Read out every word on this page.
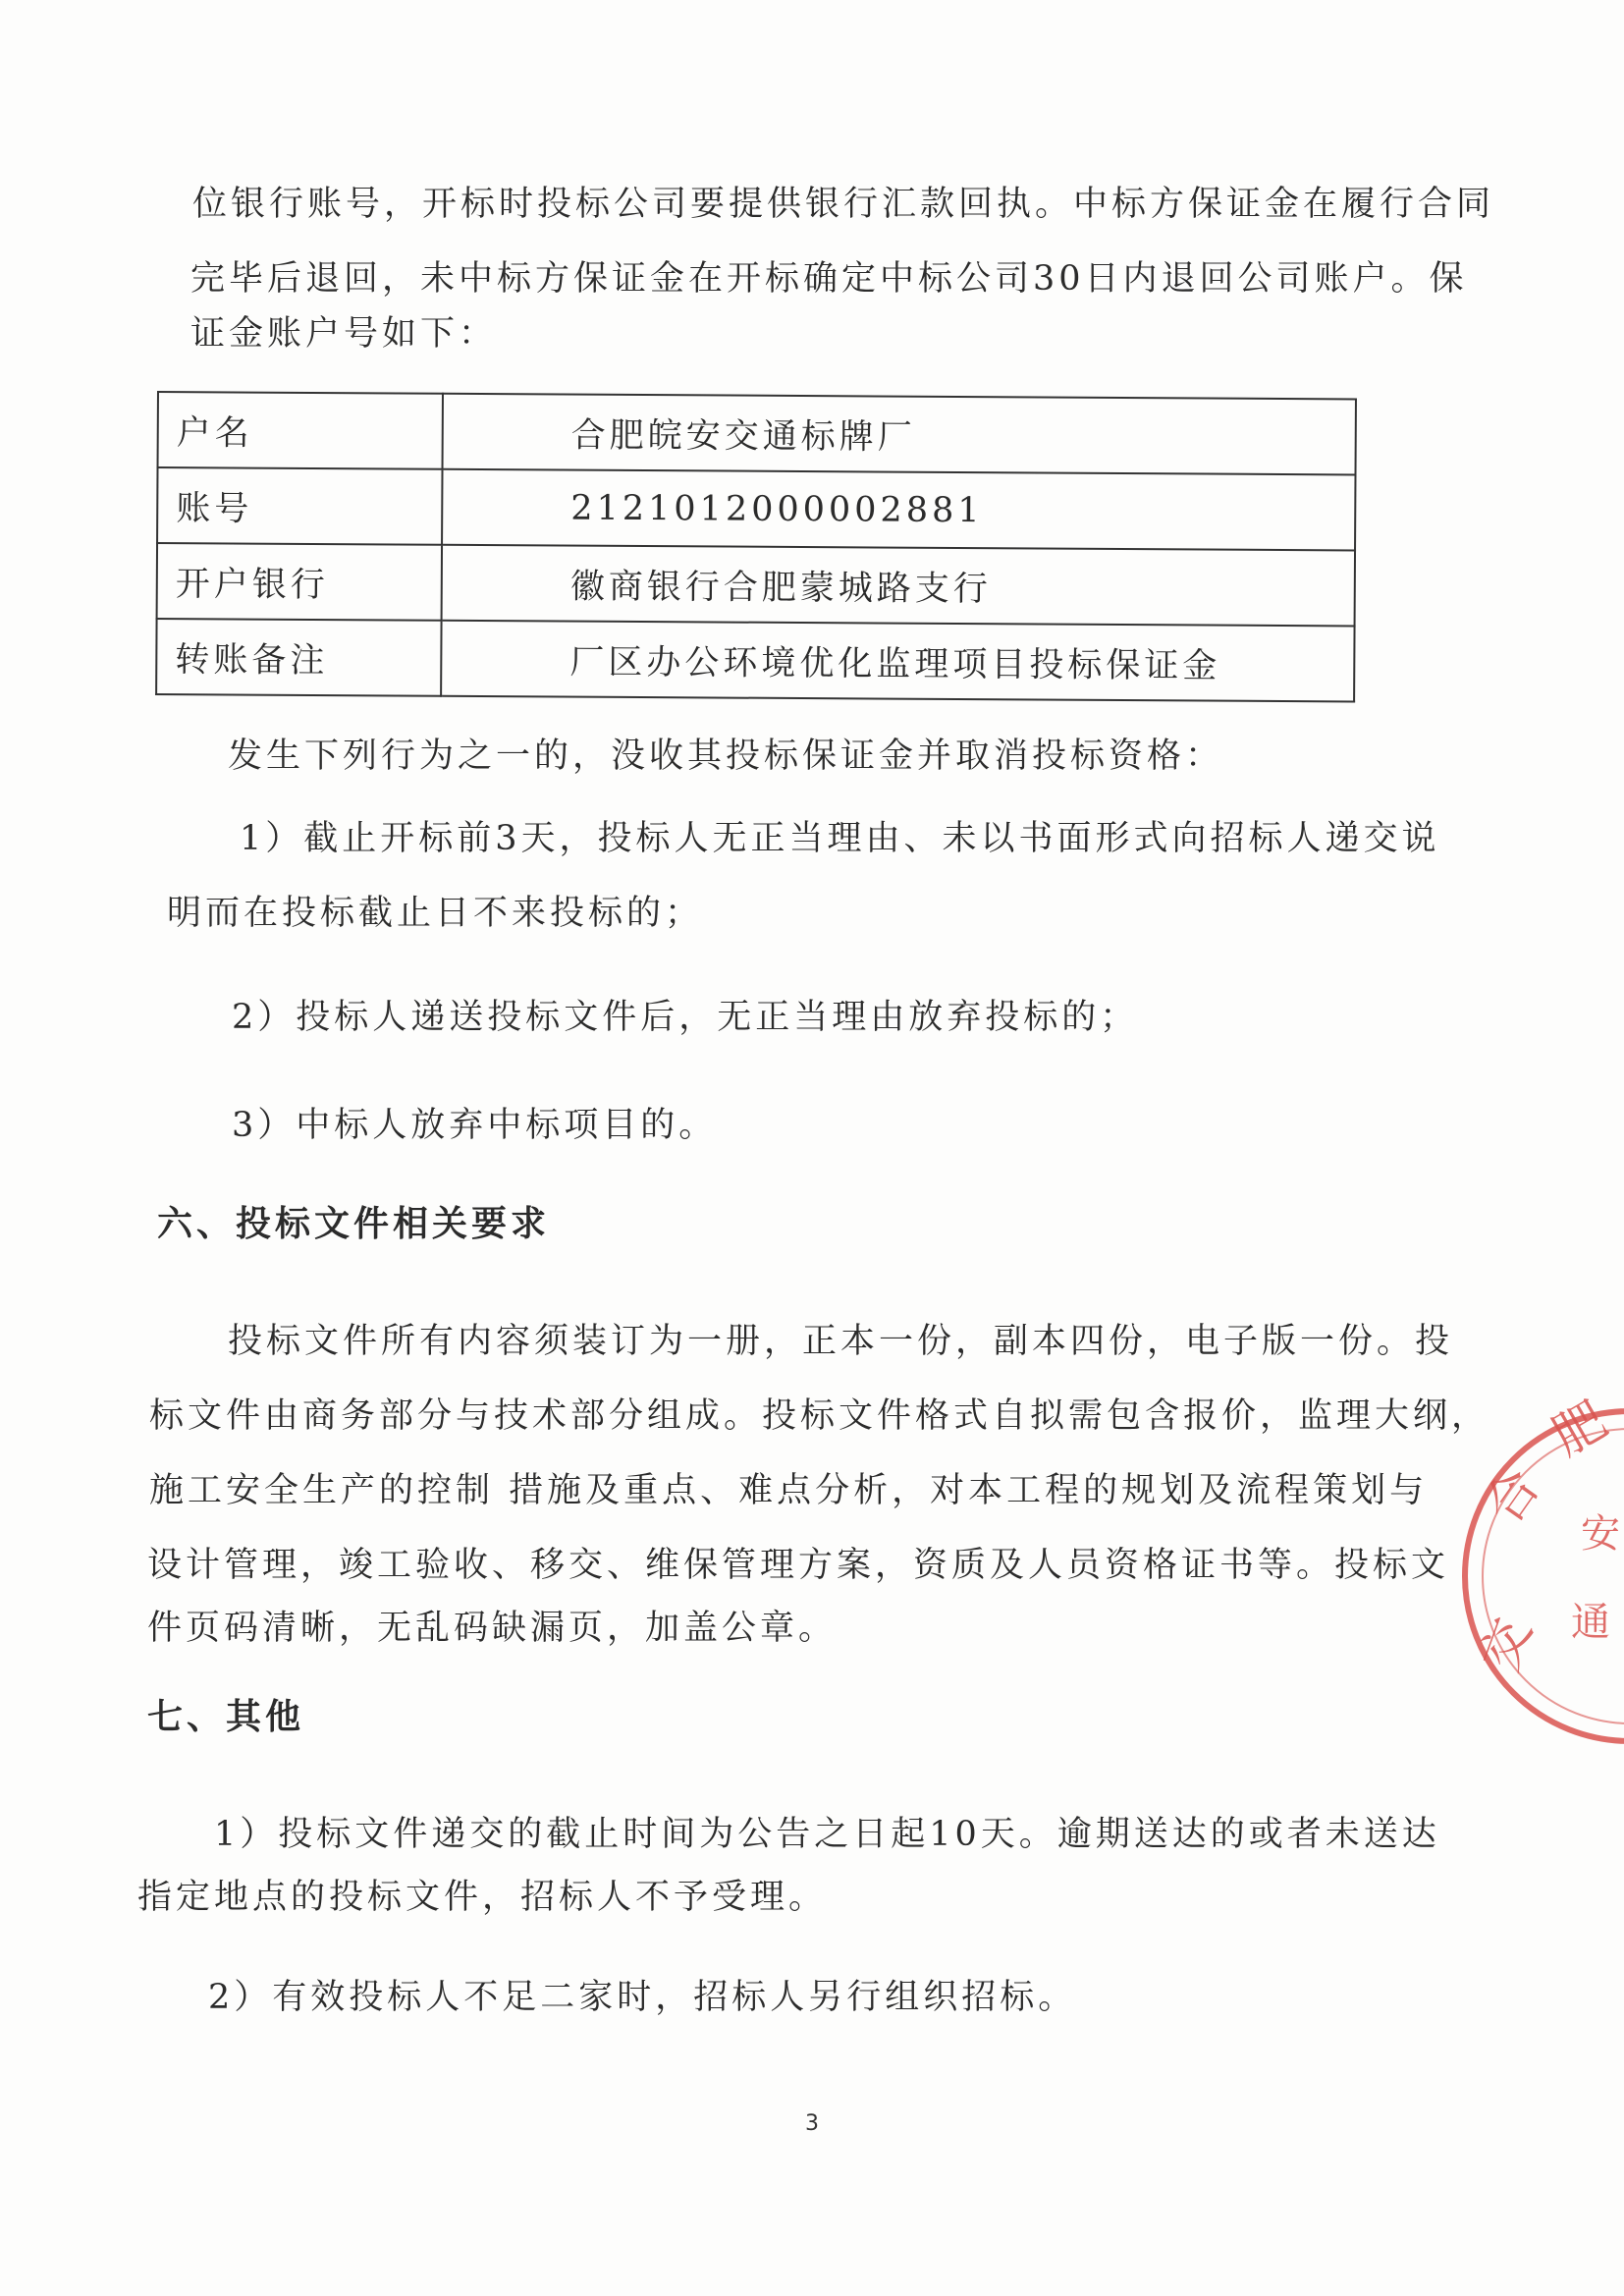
位银行账号，开标时投标公司要提供银行汇款回执。中标方保证金在履行合同
完毕后退回，未中标方保证金在开标确定中标公司30日内退回公司账户。保
证金账户号如下：
户名	合肥皖安交通标牌厂
账号	2121012000002881
开户银行	徽商银行合肥蒙城路支行
转账备注	厂区办公环境优化监理项目投标保证金
发生下列行为之一的，没收其投标保证金并取消投标资格：
1）截止开标前3天，投标人无正当理由、未以书面形式向招标人递交说
明而在投标截止日不来投标的；
2）投标人递送投标文件后，无正当理由放弃投标的；
3）中标人放弃中标项目的。
六、投标文件相关要求
投标文件所有内容须装订为一册，正本一份，副本四份，电子版一份。投
标文件由商务部分与技术部分组成。投标文件格式自拟需包含报价，监理大纲，
施工安全生产的控制 措施及重点、难点分析，对本工程的规划及流程策划与
设计管理，竣工验收、移交、维保管理方案，资质及人员资格证书等。投标文
件页码清晰，无乱码缺漏页，加盖公章。
七、其他
1）投标文件递交的截止时间为公告之日起10天。逾期送达的或者未送达
指定地点的投标文件，招标人不予受理。
2）有效投标人不足二家时，招标人另行组织招标。
合
肥
交
安
通
3
